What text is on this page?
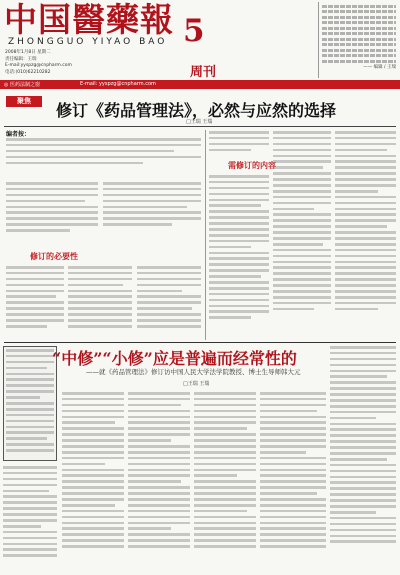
中国醫藥報
ZHONGGUO YIYAO BAO 5
周刊
2008年1月8日 星期二
责任编辑：王瑞
E-mail:yyspzg@cnpharm.com
电话:(010)62210282
—— 编辑 / 王瑞
◎ 医药法制之窗	E-mail: yyspzg@cnpharm.com
聚焦	修订《药品管理法》，必然与应然的选择
□王瑞 王瑞
编者按：
修订的必要性
需修订的内容
“中修”“小修”应是普遍而经常性的
——就《药品管理法》修订访中国人民大学法学院教授、博士生导师韩大元
□王瑞 王瑞
